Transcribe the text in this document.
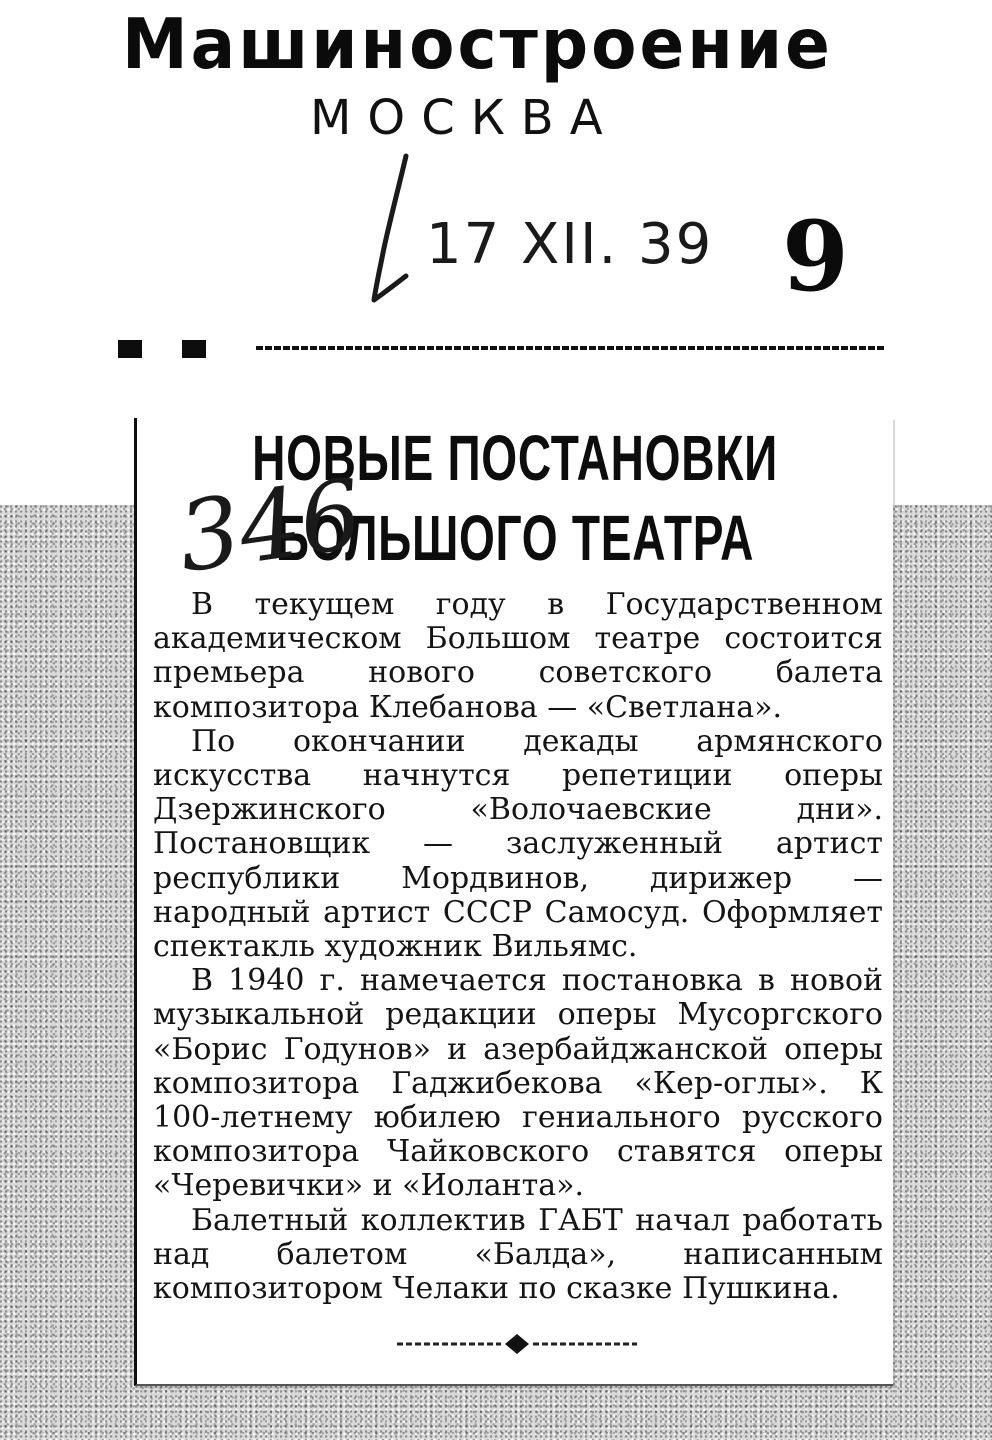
Машиностроение
МОСКВА
17 XII. 39 9
НОВЫЕ ПОСТАНОВКИ
БОЛЬШОГО ТЕАТРА

В текущем году в Государственном академическом Большом театре состоится премьера нового советского балета композитора Клебанова — «Светлана».

По окончании декады армянского искусства начнутся репетиции оперы Дзержинского «Волочаевские дни». Постановщик — заслуженный артист республики Мордвинов, дирижер — народный артист СССР Самосуд. Оформляет спектакль художник Вильямс.

В 1940 г. намечается постановка в новой музыкальной редакции оперы Мусоргского «Борис Годунов» и азербайджанской оперы композитора Гаджибекова «Кер-оглы». К 100-летнему юбилею гениального русского композитора Чайковского ставятся оперы «Черевички» и «Иоланта».

Балетный коллектив ГАБТ начал работать над балетом «Балда», написанным композитором Челаки по сказке Пушкина.

346
